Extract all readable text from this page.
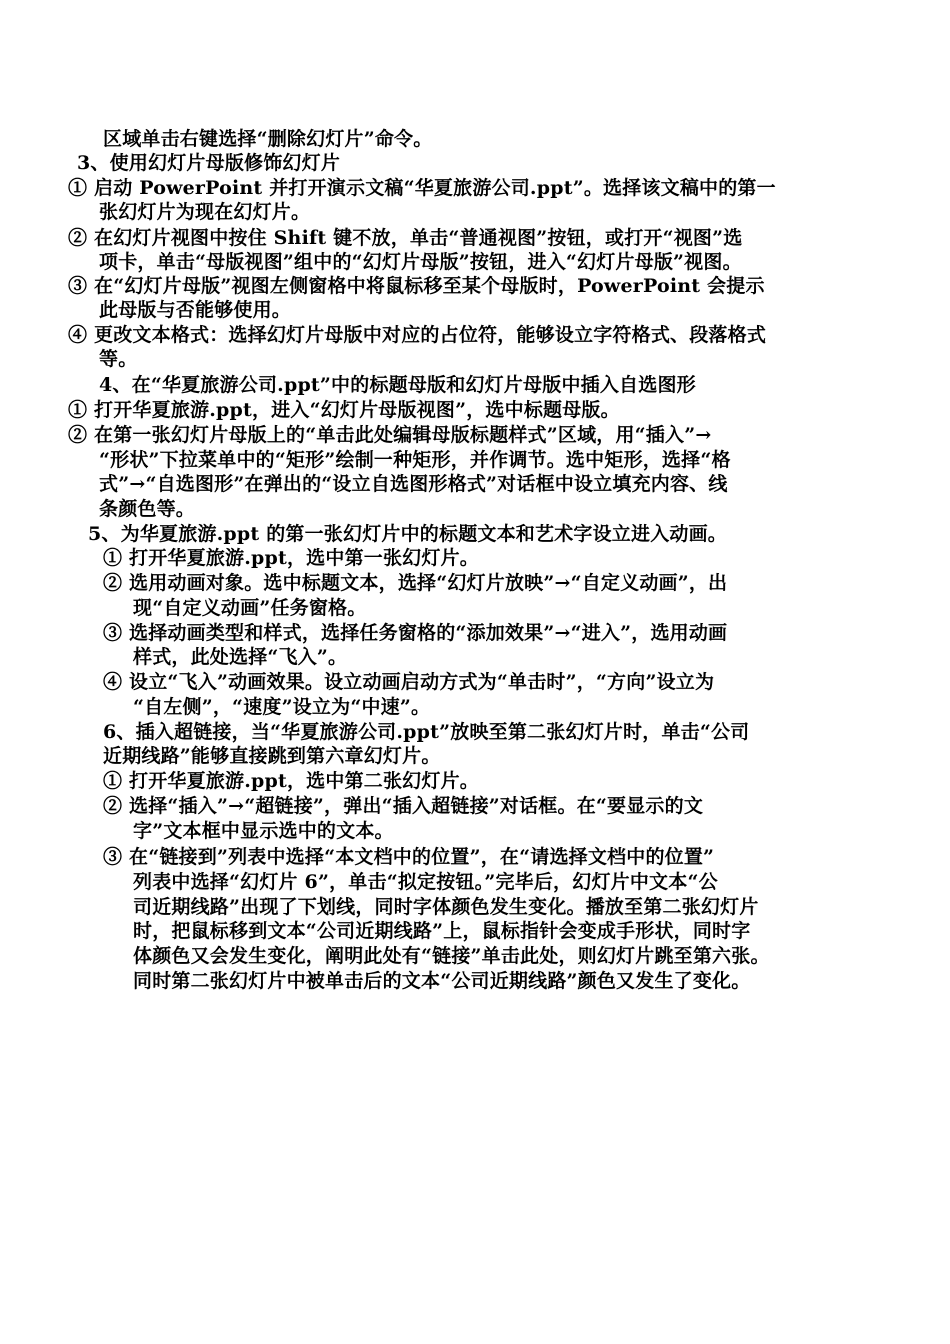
区域单击右键选择“删除幻灯片”命令。
3、使用幻灯片母版修饰幻灯片
① 启动 PowerPoint 并打开演示文稿“华夏旅游公司.ppt”。选择该文稿中的第一
张幻灯片为现在幻灯片。
② 在幻灯片视图中按住 Shift 键不放，单击“普通视图”按钮，或打开“视图”选
项卡，单击“母版视图”组中的“幻灯片母版”按钮，进入“幻灯片母版”视图。
③ 在“幻灯片母版”视图左侧窗格中将鼠标移至某个母版时，PowerPoint 会提示
此母版与否能够使用。
④ 更改文本格式：选择幻灯片母版中对应的占位符，能够设立字符格式、段落格式
等。
4、在“华夏旅游公司.ppt”中的标题母版和幻灯片母版中插入自选图形
① 打开华夏旅游.ppt，进入“幻灯片母版视图”，选中标题母版。
② 在第一张幻灯片母版上的“单击此处编辑母版标题样式”区域，用“插入”→
“形状”下拉菜单中的“矩形”绘制一种矩形，并作调节。选中矩形，选择“格
式”→“自选图形”在弹出的“设立自选图形格式”对话框中设立填充内容、线
条颜色等。
5、为华夏旅游.ppt 的第一张幻灯片中的标题文本和艺术字设立进入动画。
① 打开华夏旅游.ppt，选中第一张幻灯片。
② 选用动画对象。选中标题文本，选择“幻灯片放映”→“自定义动画”，出
现“自定义动画”任务窗格。
③ 选择动画类型和样式，选择任务窗格的“添加效果”→“进入”，选用动画
样式，此处选择“飞入”。
④ 设立“飞入”动画效果。设立动画启动方式为“单击时”，“方向”设立为
“自左侧”，“速度”设立为“中速”。
6、插入超链接，当“华夏旅游公司.ppt”放映至第二张幻灯片时，单击“公司
近期线路”能够直接跳到第六章幻灯片。
① 打开华夏旅游.ppt，选中第二张幻灯片。
② 选择“插入”→“超链接”，弹出“插入超链接”对话框。在“要显示的文
字”文本框中显示选中的文本。
③ 在“链接到”列表中选择“本文档中的位置”，在“请选择文档中的位置”
列表中选择“幻灯片 6”，单击“拟定按钮。”完毕后，幻灯片中文本“公
司近期线路”出现了下划线，同时字体颜色发生变化。播放至第二张幻灯片
时，把鼠标移到文本“公司近期线路”上，鼠标指针会变成手形状，同时字
体颜色又会发生变化，阐明此处有“链接”单击此处，则幻灯片跳至第六张。
同时第二张幻灯片中被单击后的文本“公司近期线路”颜色又发生了变化。
